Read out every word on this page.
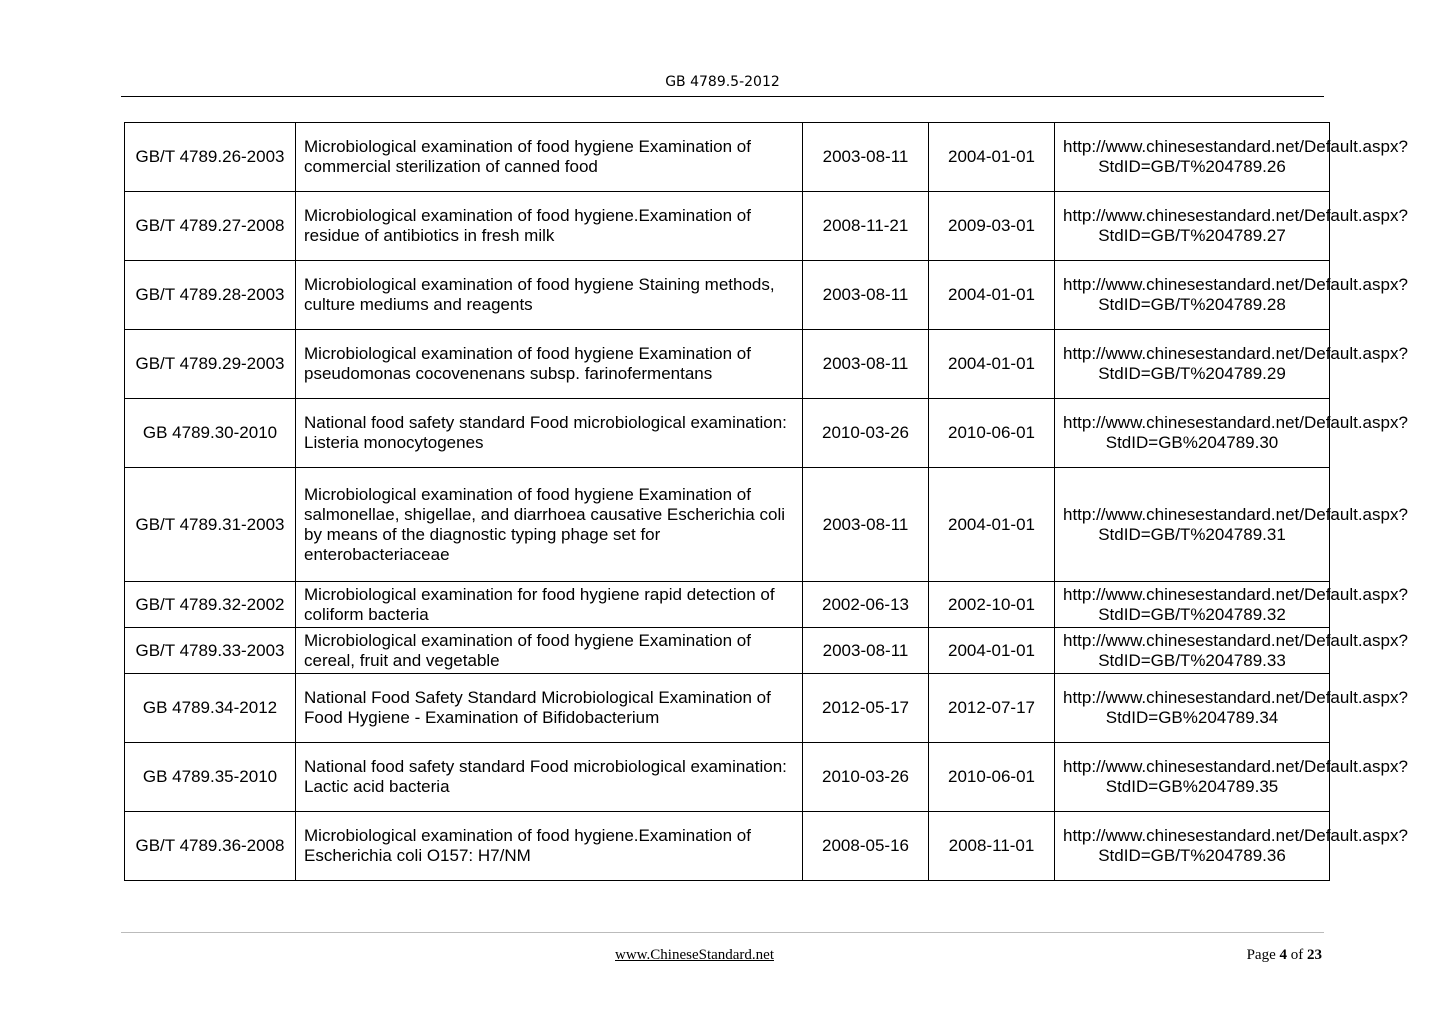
GB 4789.5-2012
GB/T 4789.26-2003	Microbiological examination of food hygiene Examination of commercial sterilization of canned food	2003-08-11	2004-01-01	http://www.chinesestandard.net/Default.aspx?StdID=GB/T%204789.26
GB/T 4789.27-2008	Microbiological examination of food hygiene.Examination of residue of antibiotics in fresh milk	2008-11-21	2009-03-01	http://www.chinesestandard.net/Default.aspx?StdID=GB/T%204789.27
GB/T 4789.28-2003	Microbiological examination of food hygiene Staining methods, culture mediums and reagents	2003-08-11	2004-01-01	http://www.chinesestandard.net/Default.aspx?StdID=GB/T%204789.28
GB/T 4789.29-2003	Microbiological examination of food hygiene Examination of pseudomonas cocovenenans subsp. farinofermentans	2003-08-11	2004-01-01	http://www.chinesestandard.net/Default.aspx?StdID=GB/T%204789.29
GB 4789.30-2010	National food safety standard Food microbiological examination: Listeria monocytogenes	2010-03-26	2010-06-01	http://www.chinesestandard.net/Default.aspx?StdID=GB%204789.30
GB/T 4789.31-2003	Microbiological examination of food hygiene Examination of salmonellae, shigellae, and diarrhoea causative Escherichia coli by means of the diagnostic typing phage set for enterobacteriaceae	2003-08-11	2004-01-01	http://www.chinesestandard.net/Default.aspx?StdID=GB/T%204789.31
GB/T 4789.32-2002	Microbiological examination for food hygiene rapid detection of coliform bacteria	2002-06-13	2002-10-01	http://www.chinesestandard.net/Default.aspx?StdID=GB/T%204789.32
GB/T 4789.33-2003	Microbiological examination of food hygiene Examination of cereal, fruit and vegetable	2003-08-11	2004-01-01	http://www.chinesestandard.net/Default.aspx?StdID=GB/T%204789.33
GB 4789.34-2012	National Food Safety Standard Microbiological Examination of Food Hygiene - Examination of Bifidobacterium	2012-05-17	2012-07-17	http://www.chinesestandard.net/Default.aspx?StdID=GB%204789.34
GB 4789.35-2010	National food safety standard Food microbiological examination: Lactic acid bacteria	2010-03-26	2010-06-01	http://www.chinesestandard.net/Default.aspx?StdID=GB%204789.35
GB/T 4789.36-2008	Microbiological examination of food hygiene.Examination of Escherichia coli O157: H7/NM	2008-05-16	2008-11-01	http://www.chinesestandard.net/Default.aspx?StdID=GB/T%204789.36
www.ChineseStandard.net	Page 4 of 23
